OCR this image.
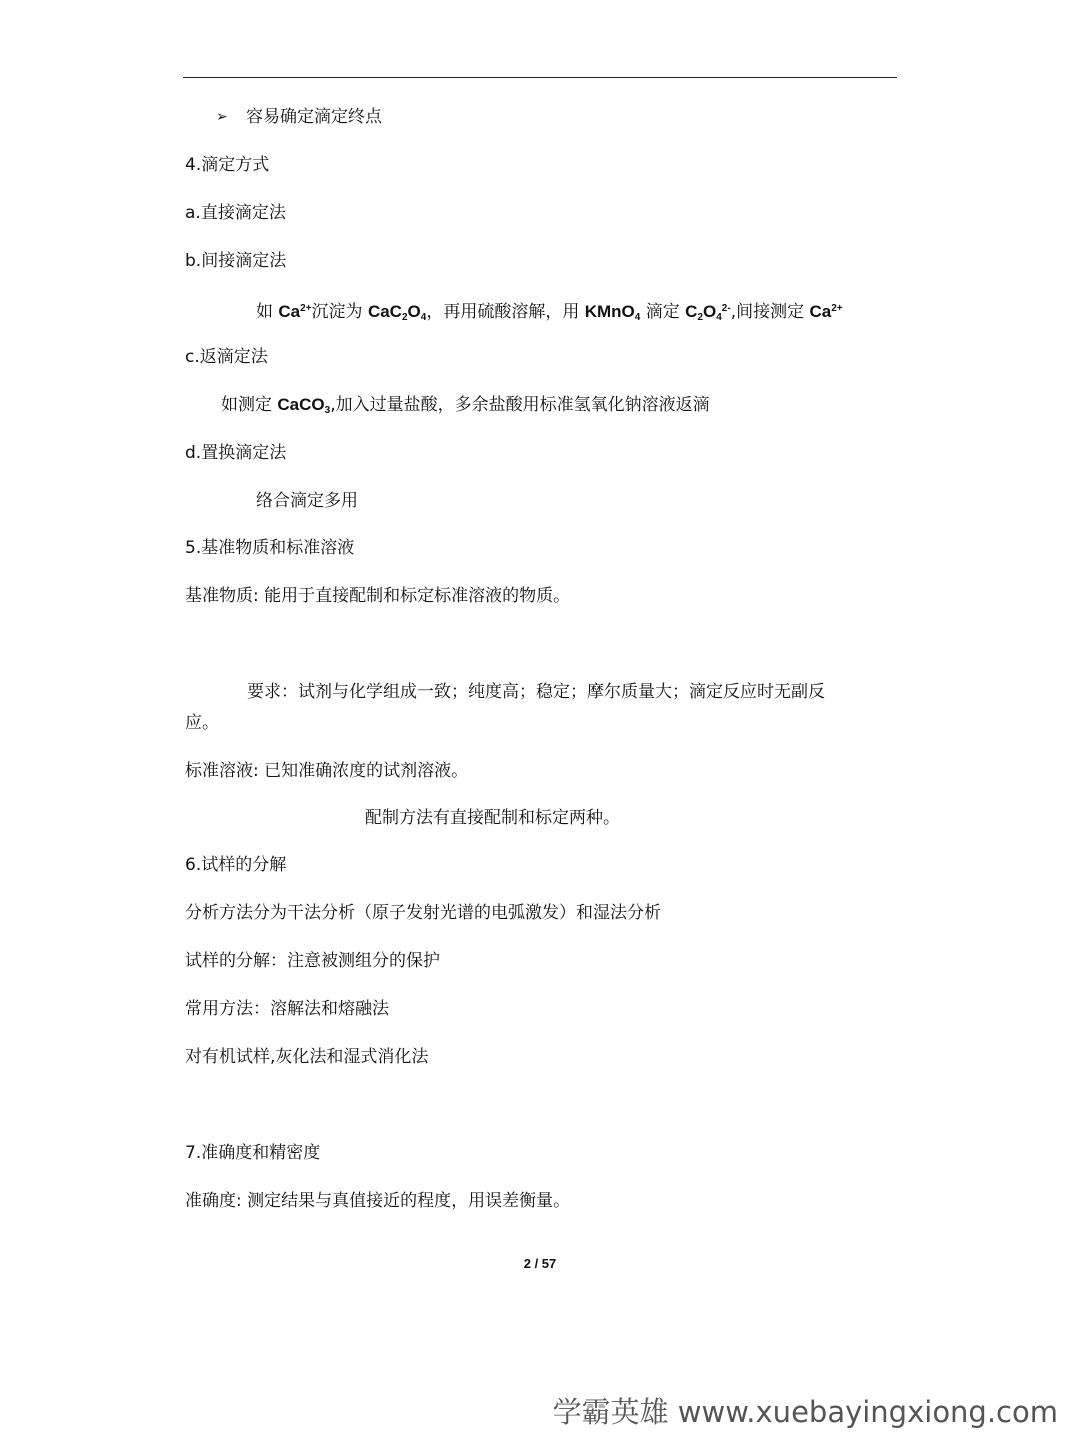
➢ 容易确定滴定终点
4.滴定方式
a.直接滴定法
b.间接滴定法
如 $Ca^{2+}$沉淀为 $CaC_2O_4$，再用硫酸溶解，用 KMnO$_4$ 滴定 $C_2O_4^{2-}$,间接测定 $Ca^{2+}$
c.返滴定法
如测定 CaCO$_3$,加入过量盐酸，多余盐酸用标准氢氧化钠溶液返滴
d.置换滴定法
络合滴定多用
5.基准物质和标准溶液
基准物质: 能用于直接配制和标定标准溶液的物质。
要求：试剂与化学组成一致；纯度高；稳定；摩尔质量大；滴定反应时无副反
应。
标准溶液: 已知准确浓度的试剂溶液。
配制方法有直接配制和标定两种。
6.试样的分解
分析方法分为干法分析（原子发射光谱的电弧激发）和湿法分析
试样的分解：注意被测组分的保护
常用方法：溶解法和熔融法
对有机试样,灰化法和湿式消化法
7.准确度和精密度
准确度: 测定结果与真值接近的程度，用误差衡量。
2 / 57
学霸英雄 www.xuebayingxiong.com
